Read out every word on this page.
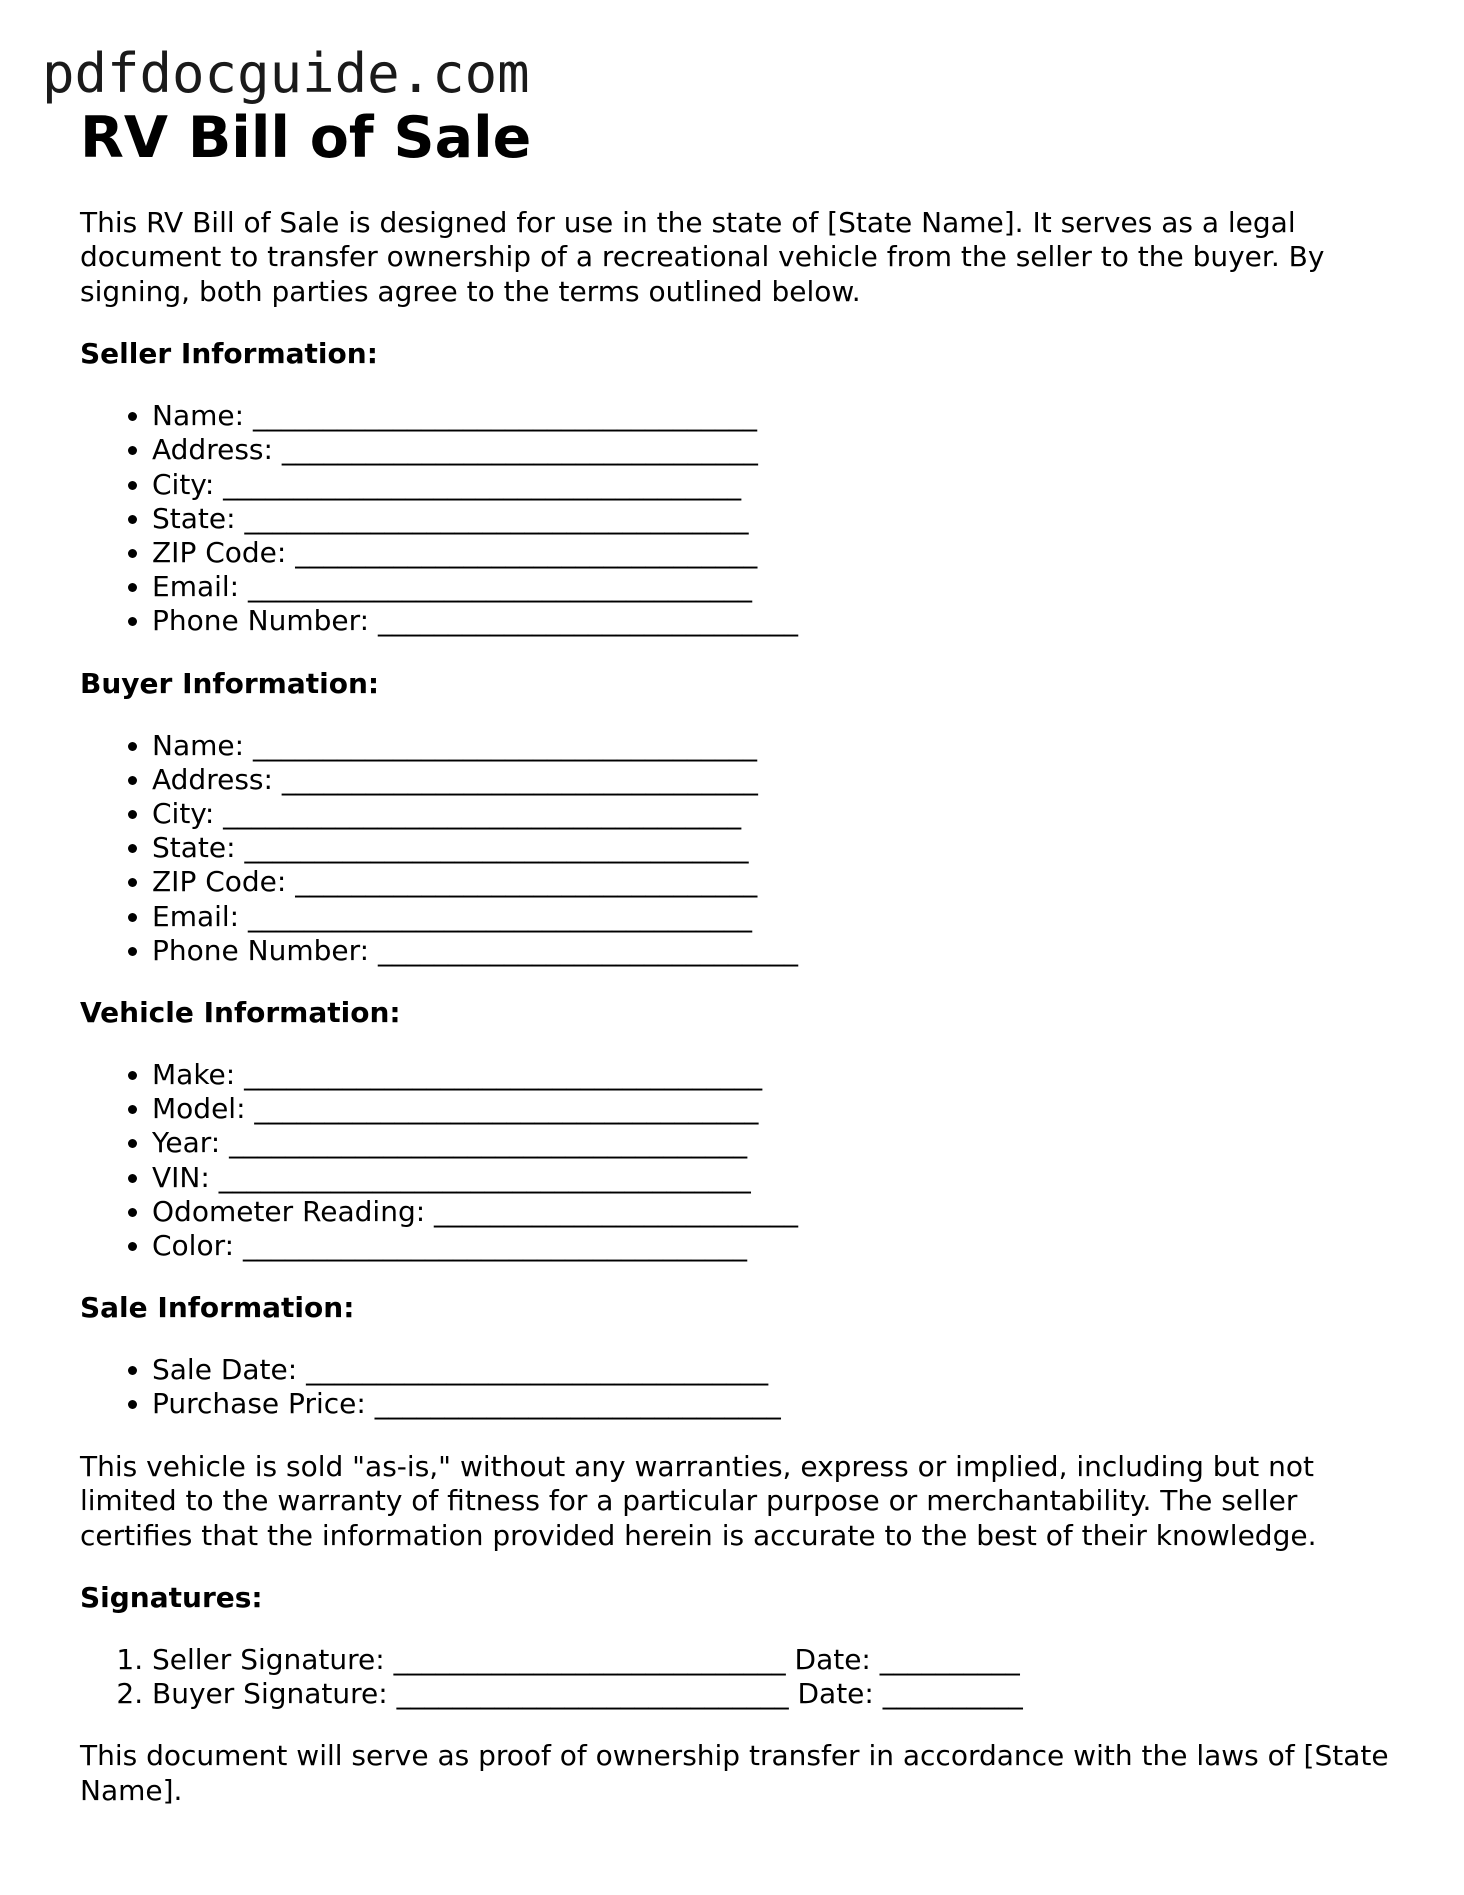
pdfdocguide.com
RV Bill of Sale

This RV Bill of Sale is designed for use in the state of [State Name]. It serves as a legal document to transfer ownership of a recreational vehicle from the seller to the buyer. By signing, both parties agree to the terms outlined below.

Seller Information:
• Name: ____________________________________
• Address: __________________________________
• City: _____________________________________
• State: ____________________________________
• ZIP Code: _________________________________
• Email: ____________________________________
• Phone Number: ______________________________
Buyer Information:
• Name: ____________________________________
• Address: __________________________________
• City: _____________________________________
• State: ____________________________________
• ZIP Code: _________________________________
• Email: ____________________________________
• Phone Number: ______________________________
Vehicle Information:
• Make: _____________________________________
• Model: ____________________________________
• Year: _____________________________________
• VIN: ______________________________________
• Odometer Reading: __________________________
• Color: ____________________________________
Sale Information:
• Sale Date: _________________________________
• Purchase Price: _____________________________

This vehicle is sold "as-is," without any warranties, express or implied, including but not limited to the warranty of fitness for a particular purpose or merchantability. The seller certifies that the information provided herein is accurate to the best of their knowledge.

Signatures:
1. Seller Signature: ____________________________ Date: __________
2. Buyer Signature: ____________________________ Date: __________

This document will serve as proof of ownership transfer in accordance with the laws of [State Name].
